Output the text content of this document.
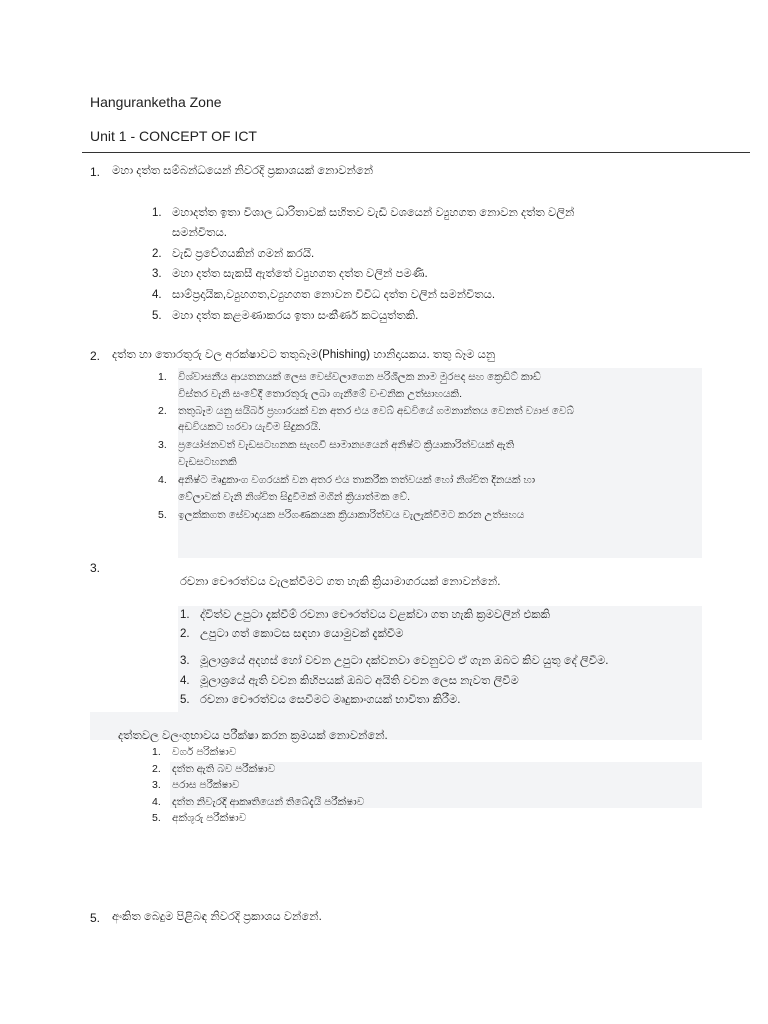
Hanguranketha Zone
Unit 1 - CONCEPT OF ICT
1. මහා දත්ත සම්බන්ධයෙන් නිවරදි ප්‍රකාශයක් නොවන්නේ
1. මහාදත්ත ඉතා විශාල ධාරිතාවක් සහිතව වැඩි වශයෙන් ව්‍යුහගත නොවන දත්ත වලින්
සමන්විතය.
2. වැඩි ප්‍රවේගයකින් ගමන් කරයි.
3. මහා දත්ත සැකසී ඇත්තේ ව්‍යුහගත දත්ත වලින් පමණි.
4. සාම්ප්‍රදායික,ව්‍යුහගත,ව්‍යුහගත නොවන විවිධ දත්ත වලින් සමන්විතය.
5. මහා දත්ත කළමණාකරය ඉතා සංකීර්ණ කටයුත්තකි.
2. දත්ත හා තොරතුරු වල අරක්ෂාවට තතුබෑම(Phishing) හානිදායකය. තතු බෑම යනු
1. විශ්වාසනීය ආයතනයක් ලෙස වෙස්වලාගෙන පරිශීලක නාම මුරපද සහ ක්‍රෙඩිට් කාඩ්
විස්තර වැනි සංවේදී තොරතුරු ලබා ගැනීමේ වංචනික උත්සාහයකි.
2. තතුබෑම යනු සයිබර් ප්‍රහාරයක් වන අතර එය වෙබ් අඩවියේ ගමනාන්තය වෙනත් ව්‍යාජ වෙබ්
අඩවියකට හරවා යැවීම සිදුකරයි.
3. ප්‍රයෝජනවත් වැඩසටහනක සැඟවී සාමාන්‍යයෙන් අනිෂ්ට ක්‍රියාකාරිත්වයක් ඇති
වැඩසටහනකි
4. අනිෂ්ට මෘදුකාංග වගරයක් වන අතර එය තාකරීක තත්වයක් හෝ නිශ්චිත දිනයක් හා
වේලාවක් වැනි නිශ්චිත සිදුවීමක් මගින් ක්‍රියාත්මක වේ.
5. ඉලක්කගත සේවාදායක පරිගණකයක ක්‍රියාකාරිත්වය වැලැක්වීමට කරන උත්සහය
3.
රචනා චෞරත්වය වැලක්වීමට ගත හැකි ක්‍රියාමාගරයක් නොවන්නේ.
1. ද්විත්ව උපුටා දැක්වීම් රචනා චෞරත්වය වළක්වා ගත හැකි ක්‍රමවලින් එකකි
2. උපුටා ගත් කොටස සඳහා යොමුවක් දැක්වීම
3. මූලාශ්‍රයේ අදහස් හෝ වචන උපුටා දක්වනවා වෙනුවට ඒ ගැන ඔබට කිව යුතු දේ ලිවීම.
4. මූලාශ්‍රයේ ඇති වචන කිහිපයක් ඔබට අයිති වචන ලෙස නැවත ලිවීම
5. රචනා චෞරත්වය සෙවීමට මෘදුකාංගයක් භාවිතා කිරීම.
දත්තවල වලංගුභාවය පරීක්ෂා කරන ක්‍රමයක් නොවන්නේ.
1. වගර් පරික්ෂාව
2. දත්ත ඇති බව පරීක්ෂාව
3. පරාස පරීක්ෂාව
4. දත්ත නිවැරදි ආකෘතියෙන් තිබේදැයි පරීක්ෂාව
5. අක්ශුරු පරීක්ෂාව
5. අංකිත බෙදුම පිළිබඳ නිවරදි ප්‍රකාශය වන්නේ.
